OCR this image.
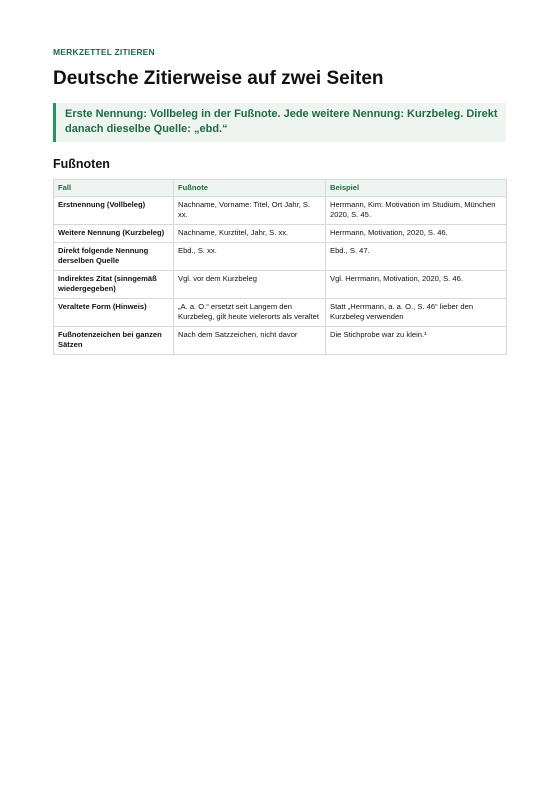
MERKZETTEL ZITIEREN

Deutsche Zitierweise auf zwei Seiten
Erste Nennung: Vollbeleg in der Fußnote. Jede weitere Nennung: Kurzbeleg. Direkt danach dieselbe Quelle: „ebd.“
Fußnoten
Fall	Fußnote	Beispiel
Erstnennung (Vollbeleg)	Nachname, Vorname: Titel, Ort Jahr, S. xx.	Herrmann, Kim: Motivation im Studium, München 2020, S. 45.
Weitere Nennung (Kurzbeleg)	Nachname, Kurztitel, Jahr, S. xx.	Herrmann, Motivation, 2020, S. 46.
Direkt folgende Nennung derselben Quelle	Ebd., S. xx.	Ebd., S. 47.
Indirektes Zitat (sinngemäß wiedergegeben)	Vgl. vor dem Kurzbeleg	Vgl. Herrmann, Motivation, 2020, S. 46.
Veraltete Form (Hinweis)	„A. a. O.“ ersetzt seit Langem den Kurzbeleg, gilt heute vielerorts als veraltet	Statt „Herrmann, a. a. O., S. 46“ lieber den Kurzbeleg verwenden
Fußnotenzeichen bei ganzen Sätzen	Nach dem Satzzeichen, nicht davor	Die Stichprobe war zu klein.¹
